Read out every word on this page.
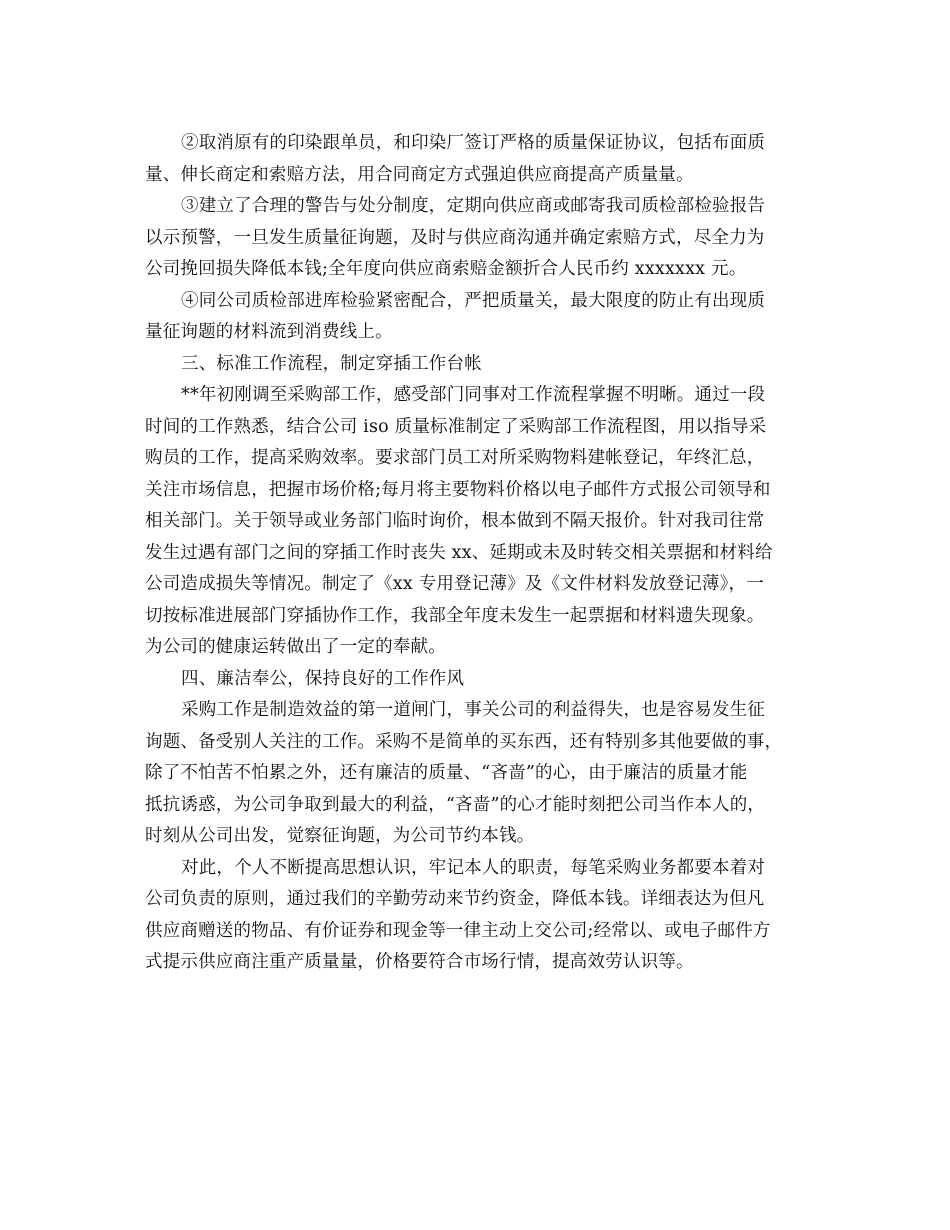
②取消原有的印染跟单员，和印染厂签订严格的质量保证协议，包括布面质
量、伸长商定和索赔方法，用合同商定方式强迫供应商提高产质量量。
③建立了合理的警告与处分制度，定期向供应商或邮寄我司质检部检验报告
以示预警，一旦发生质量征询题，及时与供应商沟通并确定索赔方式，尽全力为
公司挽回损失降低本钱;全年度向供应商索赔金额折合人民币约 xxxxxxx 元。
④同公司质检部进库检验紧密配合，严把质量关，最大限度的防止有出现质
量征询题的材料流到消费线上。
三、标准工作流程，制定穿插工作台帐
**年初刚调至采购部工作，感受部门同事对工作流程掌握不明晰。通过一段
时间的工作熟悉，结合公司 iso 质量标准制定了采购部工作流程图，用以指导采
购员的工作，提高采购效率。要求部门员工对所采购物料建帐登记，年终汇总，
关注市场信息，把握市场价格;每月将主要物料价格以电子邮件方式报公司领导和
相关部门。关于领导或业务部门临时询价，根本做到不隔天报价。针对我司往常
发生过遇有部门之间的穿插工作时丧失 xx、延期或未及时转交相关票据和材料给
公司造成损失等情况。制定了《xx 专用登记薄》及《文件材料发放登记薄》，一
切按标准进展部门穿插协作工作，我部全年度未发生一起票据和材料遗失现象。
为公司的健康运转做出了一定的奉献。
四、廉洁奉公，保持良好的工作作风
采购工作是制造效益的第一道闸门，事关公司的利益得失，也是容易发生征
询题、备受别人关注的工作。采购不是简单的买东西，还有特别多其他要做的事，
除了不怕苦不怕累之外，还有廉洁的质量、“吝啬”的心，由于廉洁的质量才能
抵抗诱惑，为公司争取到最大的利益，“吝啬”的心才能时刻把公司当作本人的，
时刻从公司出发，觉察征询题，为公司节约本钱。
对此，个人不断提高思想认识，牢记本人的职责，每笔采购业务都要本着对
公司负责的原则，通过我们的辛勤劳动来节约资金，降低本钱。详细表达为但凡
供应商赠送的物品、有价证券和现金等一律主动上交公司;经常以、或电子邮件方
式提示供应商注重产质量量，价格要符合市场行情，提高效劳认识等。
